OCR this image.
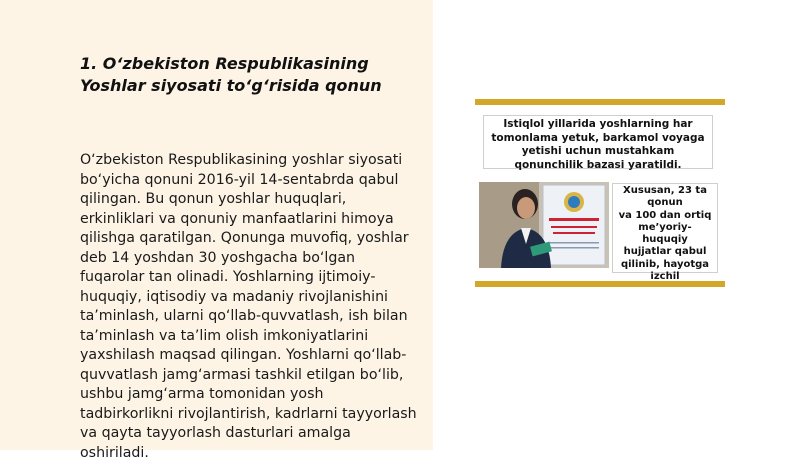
1. O‘zbekiston Respublikasining
Yoshlar siyosati to‘g‘risida qonun

O‘zbekiston Respublikasining yoshlar siyosati bo‘yicha qonuni 2016-yil 14-sentabrda qabul qilingan. Bu qonun yoshlar huquqlari, erkinliklari va qonuniy manfaatlarini himoya qilishga qaratilgan. Qonunga muvofiq, yoshlar deb 14 yoshdan 30 yoshgacha bo‘lgan fuqarolar tan olinadi. Yoshlarning ijtimoiy-huquqiy, iqtisodiy va madaniy rivojlanishini ta’minlash, ularni qo‘llab-quvvatlash, ish bilan ta’minlash va ta’lim olish imkoniyatlarini yaxshilash maqsad qilingan. Yoshlarni qo‘llab-quvvatlash jamg‘armasi tashkil etilgan bo‘lib, ushbu jamg‘arma tomonidan yosh tadbirkorlikni rivojlantirish, kadrlarni tayyorlash va qayta tayyorlash dasturlari amalga oshiriladi.

Istiqlol yillarida yoshlarning har
tomonlama yetuk, barkamol voyaga
yetishi uchun mustahkam
qonunchilik bazasi yaratildi.
Xususan, 23 ta
qonun
va 100 dan ortiq
me’yoriy-
huquqiy
hujjatlar qabul
qilinib, hayotga
izchil
